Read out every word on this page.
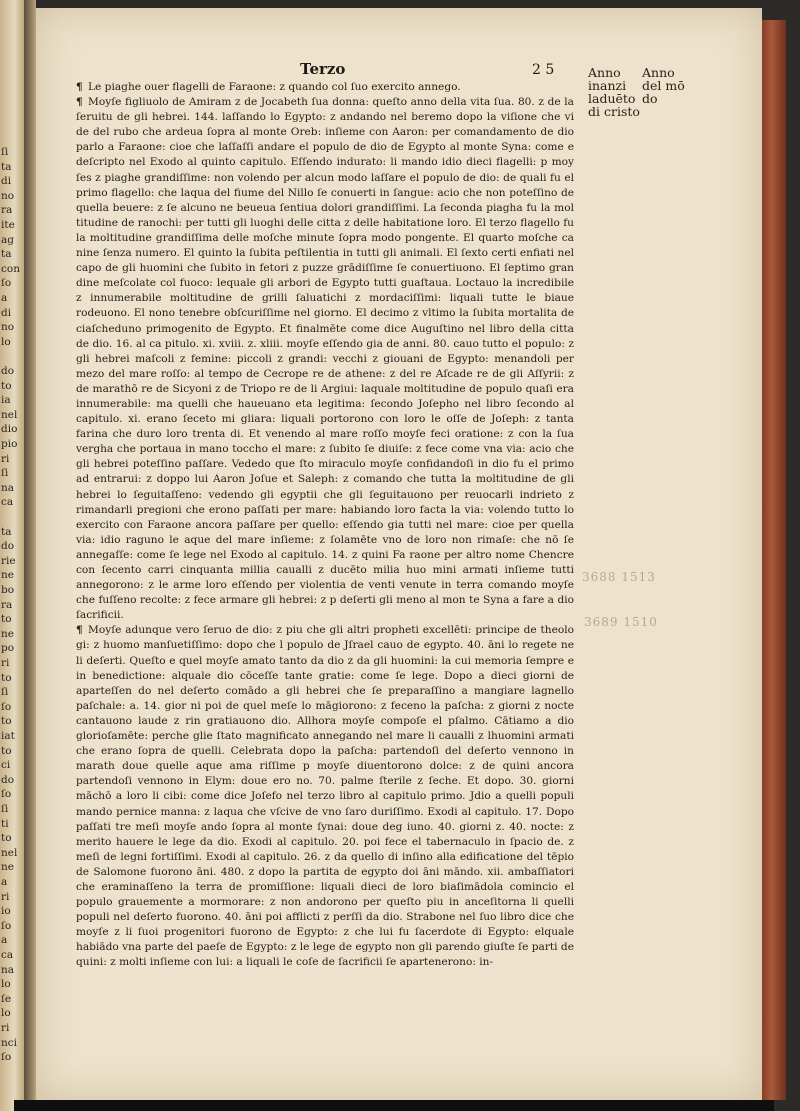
ſi
ta
di
no
ra
ite
ag
ta
con
ſo
a
di
no
lo
do
to
ia
nel
dio
pio
ri
ſi
na
ca
ta
do
rie
ne
bo
ra
to
ne
po
ri
to
ſi
ſo
to
iat
to
ci
do
ſo
ſi
ti
to
nel
ne
a
ri
io
ſo
a
ca
na
lo
ſe
lo
ri
nci
ſo
Terzo	2 5	Anno
inanzi
laduēto
di cristo
Anno
del mō
do
3688 1513
3689 1510

¶ Le piaghe ouer flagelli de Faraone: z quando col ſuo exercito annego.

¶ Moyſe figliuolo de Amiram z de Jocabeth ſua donna: queſto anno della vita ſua. 80. z de la ſeruitu de gli hebrei. 144. laſſando lo Egypto: z andando nel beremo dopo la viſione che vi de del rubo che ardeua ſopra al monte Oreb: inſieme con Aaron: per comandamento de dio parlo a Faraone: cioe che laſſaſſi andare el populo de dio de Egypto al monte Syna: come e deſcripto nel Exodo al quinto capitulo. Eſſendo indurato: li mando idio dieci flagelli: p moy ſes z piaghe grandiſſime: non volendo per alcun modo laſſare el populo de dio: de quali fu el primo flagello: che laqua del fiume del Nillo ſe conuerti in ſangue: acio che non poteſſino de quella beuere: z ſe alcuno ne beueua ſentiua dolori grandiſſimi. La ſeconda piagha fu la mol titudine de ranochi: per tutti gli luoghi delle citta z delle habitatione loro. El terzo flagello fu la moltitudine grandiſſima delle moſche minute ſopra modo pongente. El quarto moſche ca nine ſenza numero. El quinto la ſubita peſtilentia in tutti gli animali. El ſexto certi enfiati nel capo de gli huomini che ſubito in fetori z puzze grādiſſime ſe conuertiuono. El ſeptimo gran dine meſcolate col fuoco: lequale gli arbori de Egypto tutti guaſtaua. Loctauo la incredibile z innumerabile moltitudine de grilli ſaluatichi z mordaciſſimi: liquali tutte le biaue rodeuono. El nono tenebre obſcuriſſime nel giorno. El decimo z vltimo la ſubita mortalita de ciaſcheduno primogenito de Egypto. Et finalmēte come dice Auguſtino nel libro della citta de dio. 16. al ca pitulo. xi. xviii. z. xliii. moyſe eſſendo gia de anni. 80. cauo tutto el populo: z gli hebrei maſcoli z femine: piccoli z grandi: vecchi z giouani de Egypto: menandoli per mezo del mare roſſo: al tempo de Cecrope re de athene: z del re Aſcade re de gli Aſſyrii: z de marathō re de Sicyoni z de Triopo re de li Argiui: laquale moltitudine de populo quaſi era innumerabile: ma quelli che haueuano eta legitima: ſecondo Joſepho nel libro ſecondo al capitulo. xi. erano ſeceto mi gliara: liquali portorono con loro le oſſe de Joſeph: z tanta farina che duro loro trenta di. Et venendo al mare roſſo moyſe feci oratione: z con la ſua vergha che portaua in mano toccho el mare: z ſubito ſe diuiſe: z fece come vna via: acio che gli hebrei poteſſino paſſare. Vededo que ſto miraculo moyſe confidandoſi in dio fu el primo ad entrarui: z doppo lui Aaron Joſue et Saleph: z comando che tutta la moltitudine de gli hebrei lo ſeguitaſſeno: vedendo gli egyptii che gli ſeguitauono per reuocarli indrieto z rimandarli pregioni che erono paſſati per mare: habiando loro facta la via: volendo tutto lo exercito con Faraone ancora paſſare per quello: eſſendo gia tutti nel mare: cioe per quella via: idio raguno le aque del mare inſieme: z ſolamēte vno de loro non rimaſe: che nō ſe annegaſſe: come ſe lege nel Exodo al capitulo. 14. z quini Fa raone per altro nome Chencre con ſecento carri cinquanta millia caualli z ducēto milia huo mini armati inſieme tutti annegorono: z le arme loro eſſendo per violentia de venti venute in terra comando moyſe che fuſſeno recolte: z fece armare gli hebrei: z p deſerti gli meno al mon te Syna a fare a dio ſacrificii.

¶ Moyſe adunque vero ſeruo de dio: z piu che gli altri propheti excellēti: principe de theolo gi: z huomo manſuetiſſimo: dopo che l populo de Jſrael cauo de egypto. 40. āni lo regete ne li deſerti. Queſto e quel moyſe amato tanto da dio z da gli huomini: la cui memoria ſempre e in benedictione: alquale dio cōceſſe tante gratie: come ſe lege. Dopo a dieci giorni de aparteſſen do nel deſerto comādo a gli hebrei che ſe preparaſſino a mangiare lagnello paſchale: a. 14. gior ni poi de quel meſe lo māgiorono: z feceno la paſcha: z giorni z nocte cantauono laude z rin gratiauono dio. Allhora moyſe compoſe el pſalmo. Cātiamo a dio glorioſamēte: perche glie ſtato magnificato annegando nel mare li caualli z lhuomini armati che erano ſopra de quelli. Celebrata dopo la paſcha: partendoſi del deſerto vennono in marath doue quelle aque ama riſſime p moyſe diuentorono dolce: z de quini ancora partendoſi vennono in Elym: doue ero no. 70. palme ſterile z ſeche. Et dopo. 30. giorni māchō a loro li cibi: come dice Joſefo nel terzo libro al capitulo primo. Jdio a quelli populi mando pernice manna: z laqua che vſcive de vno ſaro duriſſimo. Exodi al capitulo. 17. Dopo paſſati tre meſi moyſe ando ſopra al monte ſynai: doue deg iuno. 40. giorni z. 40. nocte: z merito hauere le lege da dio. Exodi al capitulo. 20. poi fece el tabernaculo in ſpacio de. z meſi de legni fortiſſimi. Exodi al capitulo. 26. z da quello di inſino alla edificatione del tēpio de Salomone fuorono āni. 480. z dopo la partita de egypto doi āni māndo. xii. ambaſſiatori che eraminaſſeno la terra de promiſſione: liquali dieci de loro biaſimādola comincio el populo grauemente a mormorare: z non andorono per queſto piu in anceſitorna li quelli populi nel deſerto fuorono. 40. āni poi afflicti z perſſi da dio. Strabone nel ſuo libro dice che moyſe z li ſuoi progenitori fuorono de Egypto: z che lui fu ſacerdote di Egypto: elquale habiādo vna parte del paeſe de Egypto: z le lege de egypto non gli parendo giuſte ſe parti de quini: z molti inſieme con lui: a liquali le coſe de ſacrificii ſe apartenerono: in-
